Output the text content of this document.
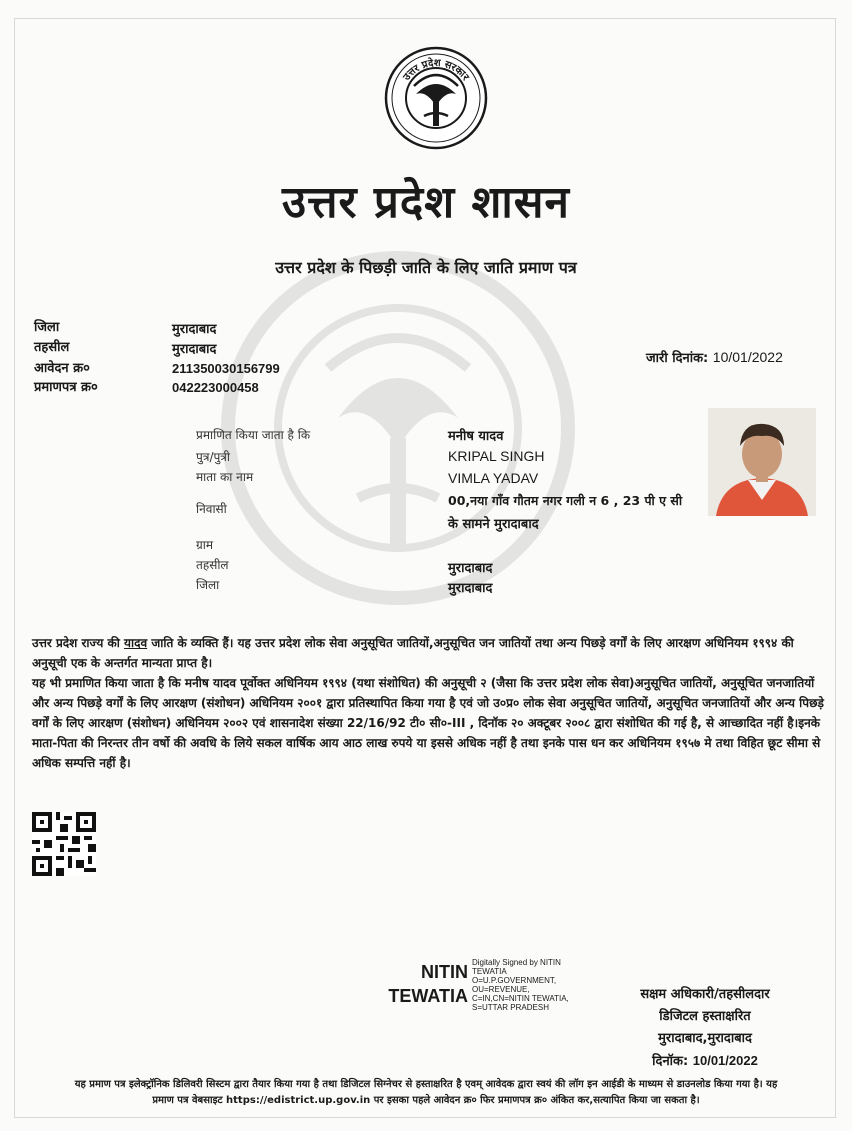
उत्तर प्रदेश सरकार
उत्तर प्रदेश शासन
उत्तर प्रदेश के पिछड़ी जाति के लिए जाति प्रमाण पत्र
जिला	मुरादाबाद
तहसील	मुरादाबाद
आवेदन क्र०	211350030156799
प्रमाणपत्र क्र०	042223000458
जारी दिनांक: 10/01/2022
प्रमाणित किया जाता है कि	मनीष यादव
पुत्र/पुत्री	KRIPAL SINGH
माता का नाम	VIMLA YADAV
निवासी
00,नया गाँव गौतम नगर गली न 6 , 23 पी ए सी
के सामने मुरादाबाद
ग्राम
तहसील	मुरादाबाद
जिला	मुरादाबाद
उत्तर प्रदेश राज्य की यादव जाति के व्यक्ति हैं। यह उत्तर प्रदेश लोक सेवा अनुसूचित जातियों,अनुसूचित जन जातियों तथा अन्य पिछड़े वर्गों के लिए आरक्षण अधिनियम १९९४ की अनुसूची एक के अन्तर्गत मान्यता प्राप्त है।
यह भी प्रमाणित किया जाता है कि मनीष यादव पूर्वोक्त अधिनियम १९९४ (यथा संशोधित) की अनुसूची २ (जैसा कि उत्तर प्रदेश लोक सेवा)अनुसूचित जातियों, अनुसूचित जनजातियों और अन्य पिछड़े वर्गों के लिए आरक्षण (संशोधन) अधिनियम २००१ द्वारा प्रतिस्थापित किया गया है एवं जो उ०प्र० लोक सेवा अनुसूचित जातियों, अनुसूचित जनजातियों और अन्य पिछड़े वर्गों के लिए आरक्षण (संशोधन) अधिनियम २००२ एवं शासनादेश संख्या 22/16/92 टी० सी०-III , दिनॉक २० अक्टूबर २००८ द्वारा संशोधित की गई है, से आच्छादित नहीं है।इनके माता-पिता की निरन्तर तीन वर्षो की अवधि के लिये सकल वार्षिक आय आठ लाख रुपये या इससे अधिक नहीं है तथा इनके पास धन कर अधिनियम १९५७ मे तथा विहित छूट सीमा से अधिक सम्पत्ति नहीं है।
NITIN
TEWATIA
Digitally Signed by NITIN
TEWATIA
O=U.P.GOVERNMENT,
OU=REVENUE,
C=IN,CN=NITIN TEWATIA,
S=UTTAR PRADESH
सक्षम अधिकारी/तहसीलदार
डिजिटल हस्ताक्षरित
मुरादाबाद,मुरादाबाद
दिनॉक: 10/01/2022
यह प्रमाण पत्र इलेक्ट्रॉनिक डिलिवरी सिस्टम द्वारा तैयार किया गया है तथा डिजिटल सिग्नेचर से हस्ताक्षरित है एवम् आवेदक द्वारा स्वयं की लॉग इन आईडी के माध्यम से डाउनलोड किया गया है। यह
प्रमाण पत्र वेबसाइट https://edistrict.up.gov.in पर इसका पहले आवेदन क्र० फिर प्रमाणपत्र क्र० अंकित कर,सत्यापित किया जा सकता है।
